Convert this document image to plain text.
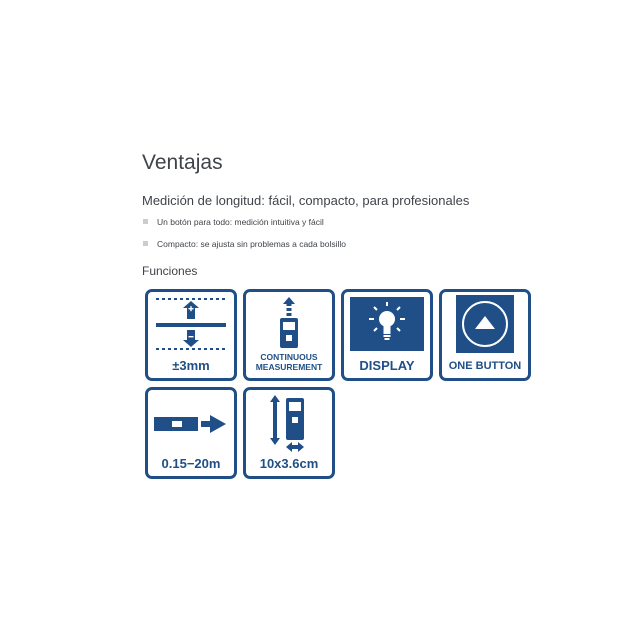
Ventajas
Medición de longitud: fácil, compacto, para profesionales
Un botón para todo: medición intuitiva y fácil
Compacto: se ajusta sin problemas a cada bolsillo
Funciones
±3mm
CONTINUOUS
MEASUREMENT	DISPLAY	ONE BUTTON
0.15−20m	10x3.6cm
